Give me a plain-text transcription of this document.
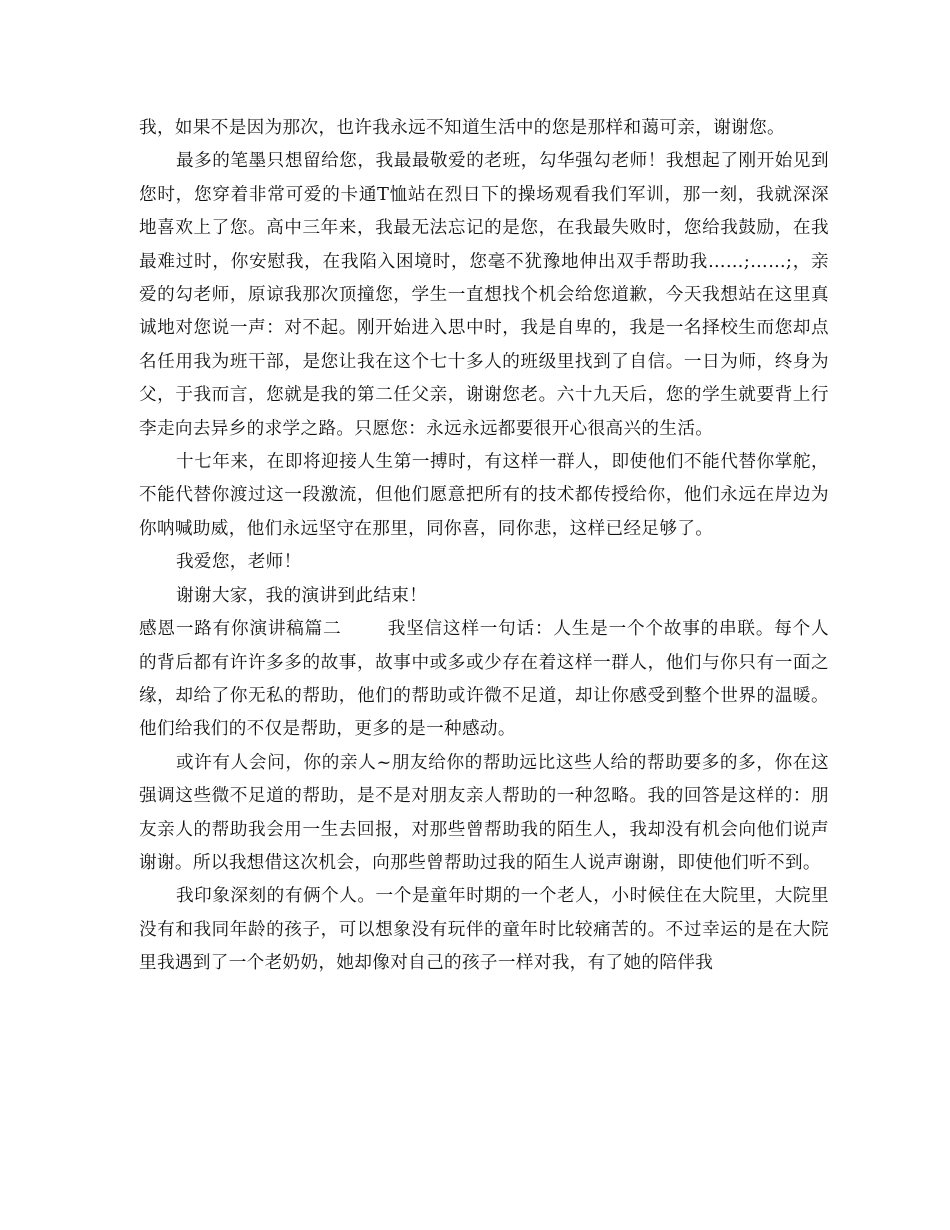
我，如果不是因为那次，也许我永远不知道生活中的您是那样和蔼可亲，谢谢您。

最多的笔墨只想留给您，我最最敬爱的老班，勾华强勾老师！我想起了刚开始见到您时，您穿着非常可爱的卡通T恤站在烈日下的操场观看我们军训，那一刻，我就深深地喜欢上了您。高中三年来，我最无法忘记的是您，在我最失败时，您给我鼓励，在我最难过时，你安慰我，在我陷入困境时，您毫不犹豫地伸出双手帮助我……;……;，亲爱的勾老师，原谅我那次顶撞您，学生一直想找个机会给您道歉，今天我想站在这里真诚地对您说一声：对不起。刚开始进入思中时，我是自卑的，我是一名择校生而您却点名任用我为班干部，是您让我在这个七十多人的班级里找到了自信。一日为师，终身为父，于我而言，您就是我的第二任父亲，谢谢您老。六十九天后，您的学生就要背上行李走向去异乡的求学之路。只愿您：永远永远都要很开心很高兴的生活。

十七年来，在即将迎接人生第一搏时，有这样一群人，即使他们不能代替你掌舵，不能代替你渡过这一段激流，但他们愿意把所有的技术都传授给你，他们永远在岸边为你呐喊助威，他们永远坚守在那里，同你喜，同你悲，这样已经足够了。

我爱您，老师！

谢谢大家，我的演讲到此结束！

感恩一路有你演讲稿篇二	我坚信这样一句话：人生是一个个故事的串联。每个人的背后都有许许多多的故事，故事中或多或少存在着这样一群人，他们与你只有一面之缘，却给了你无私的帮助，他们的帮助或许微不足道，却让你感受到整个世界的温暖。他们给我们的不仅是帮助，更多的是一种感动。

或许有人会问，你的亲人~朋友给你的帮助远比这些人给的帮助要多的多，你在这强调这些微不足道的帮助，是不是对朋友亲人帮助的一种忽略。我的回答是这样的：朋友亲人的帮助我会用一生去回报，对那些曾帮助我的陌生人，我却没有机会向他们说声谢谢。所以我想借这次机会，向那些曾帮助过我的陌生人说声谢谢，即使他们听不到。

我印象深刻的有俩个人。一个是童年时期的一个老人，小时候住在大院里，大院里没有和我同年龄的孩子，可以想象没有玩伴的童年时比较痛苦的。不过幸运的是在大院里我遇到了一个老奶奶，她却像对自己的孩子一样对我，有了她的陪伴我
